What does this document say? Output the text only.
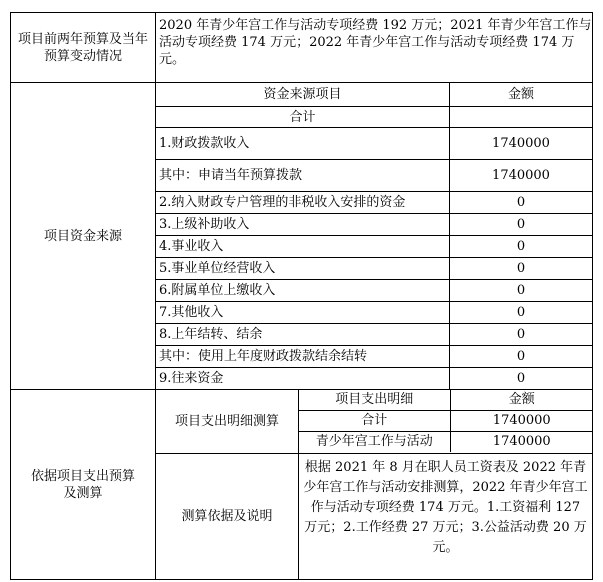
项目前两年预算及当年预算变动情况	2020 年青少年宫工作与活动专项经费 192 万元；2021 年青少年宫工作与活动专项经费 174 万元；2022 年青少年宫工作与活动专项经费 174 万元。
项目资金来源	资金来源项目	金额
合计	
1.财政拨款收入	1740000
其中：申请当年预算拨款	1740000
2.纳入财政专户管理的非税收入安排的资金	0
3.上级补助收入	0
4.事业收入	0
5.事业单位经营收入	0
6.附属单位上缴收入	0
7.其他收入	0
8.上年结转、结余	0
其中：使用上年度财政拨款结余结转	0
9.往来资金	0
依据项目支出预算及测算	项目支出明细测算	
项目支出明细	金额
合计	1740000
青少年宫工作与活动	1740000

测算依据及说明	根据 2021 年 8 月在职人员工资表及 2022 年青少年宫工作与活动安排测算，2022 年青少年宫工作与活动专项经费 174 万元。1.工资福利 127 万元；2.工作经费 27 万元；3.公益活动费 20 万元。
